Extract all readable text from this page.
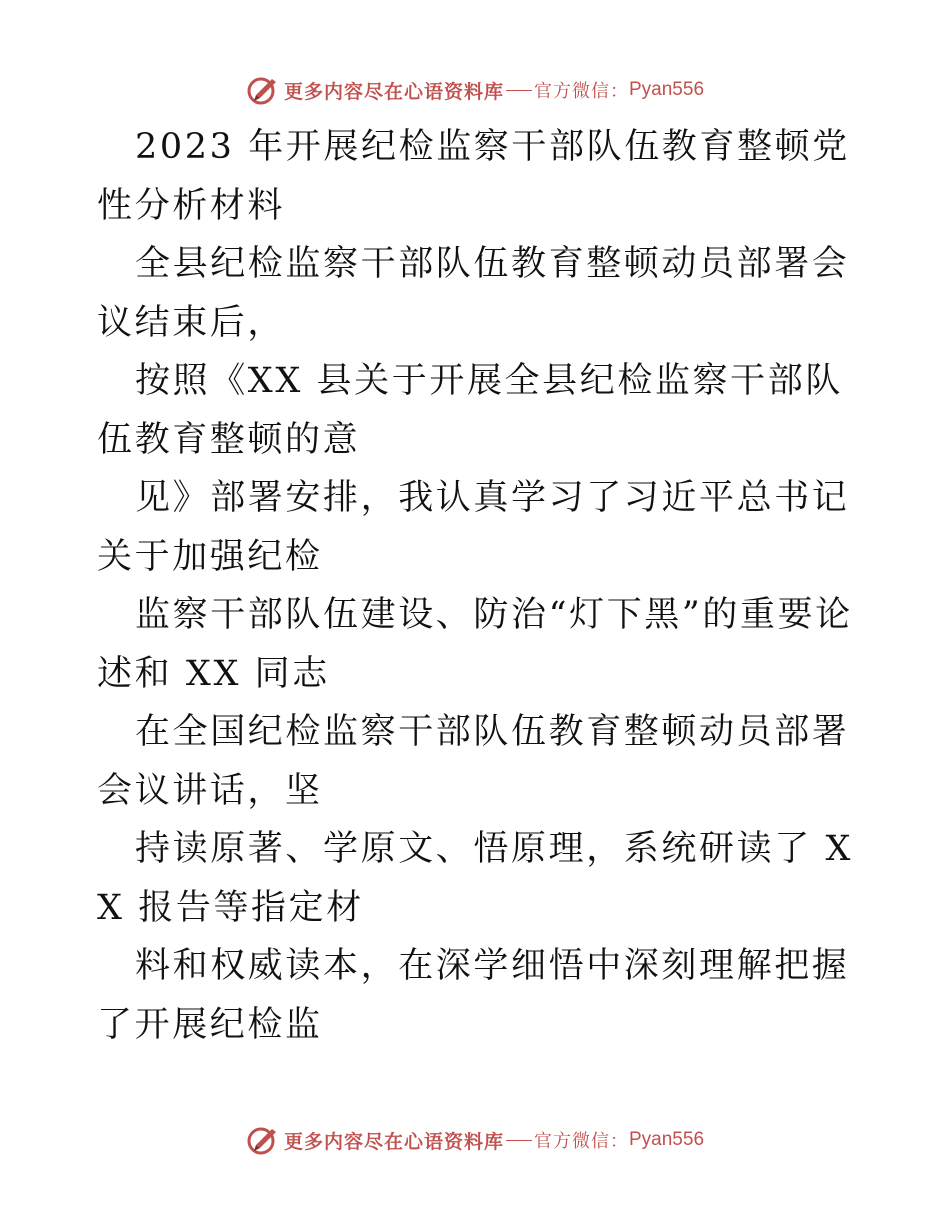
更多内容尽在心语资料库 官方微信： Pyan556

2023 年开展纪检监察干部队伍教育整顿党性分析材料

全县纪检监察干部队伍教育整顿动员部署会议结束后，

按照《XX 县关于开展全县纪检监察干部队伍教育整顿的意

见》部署安排，我认真学习了习近平总书记关于加强纪检

监察干部队伍建设、防治“灯下黑”的重要论述和 XX 同志

在全国纪检监察干部队伍教育整顿动员部署会议讲话，坚

持读原著、学原文、悟原理，系统研读了 XX 报告等指定材

料和权威读本，在深学细悟中深刻理解把握了开展纪检监

更多内容尽在心语资料库 官方微信： Pyan556
